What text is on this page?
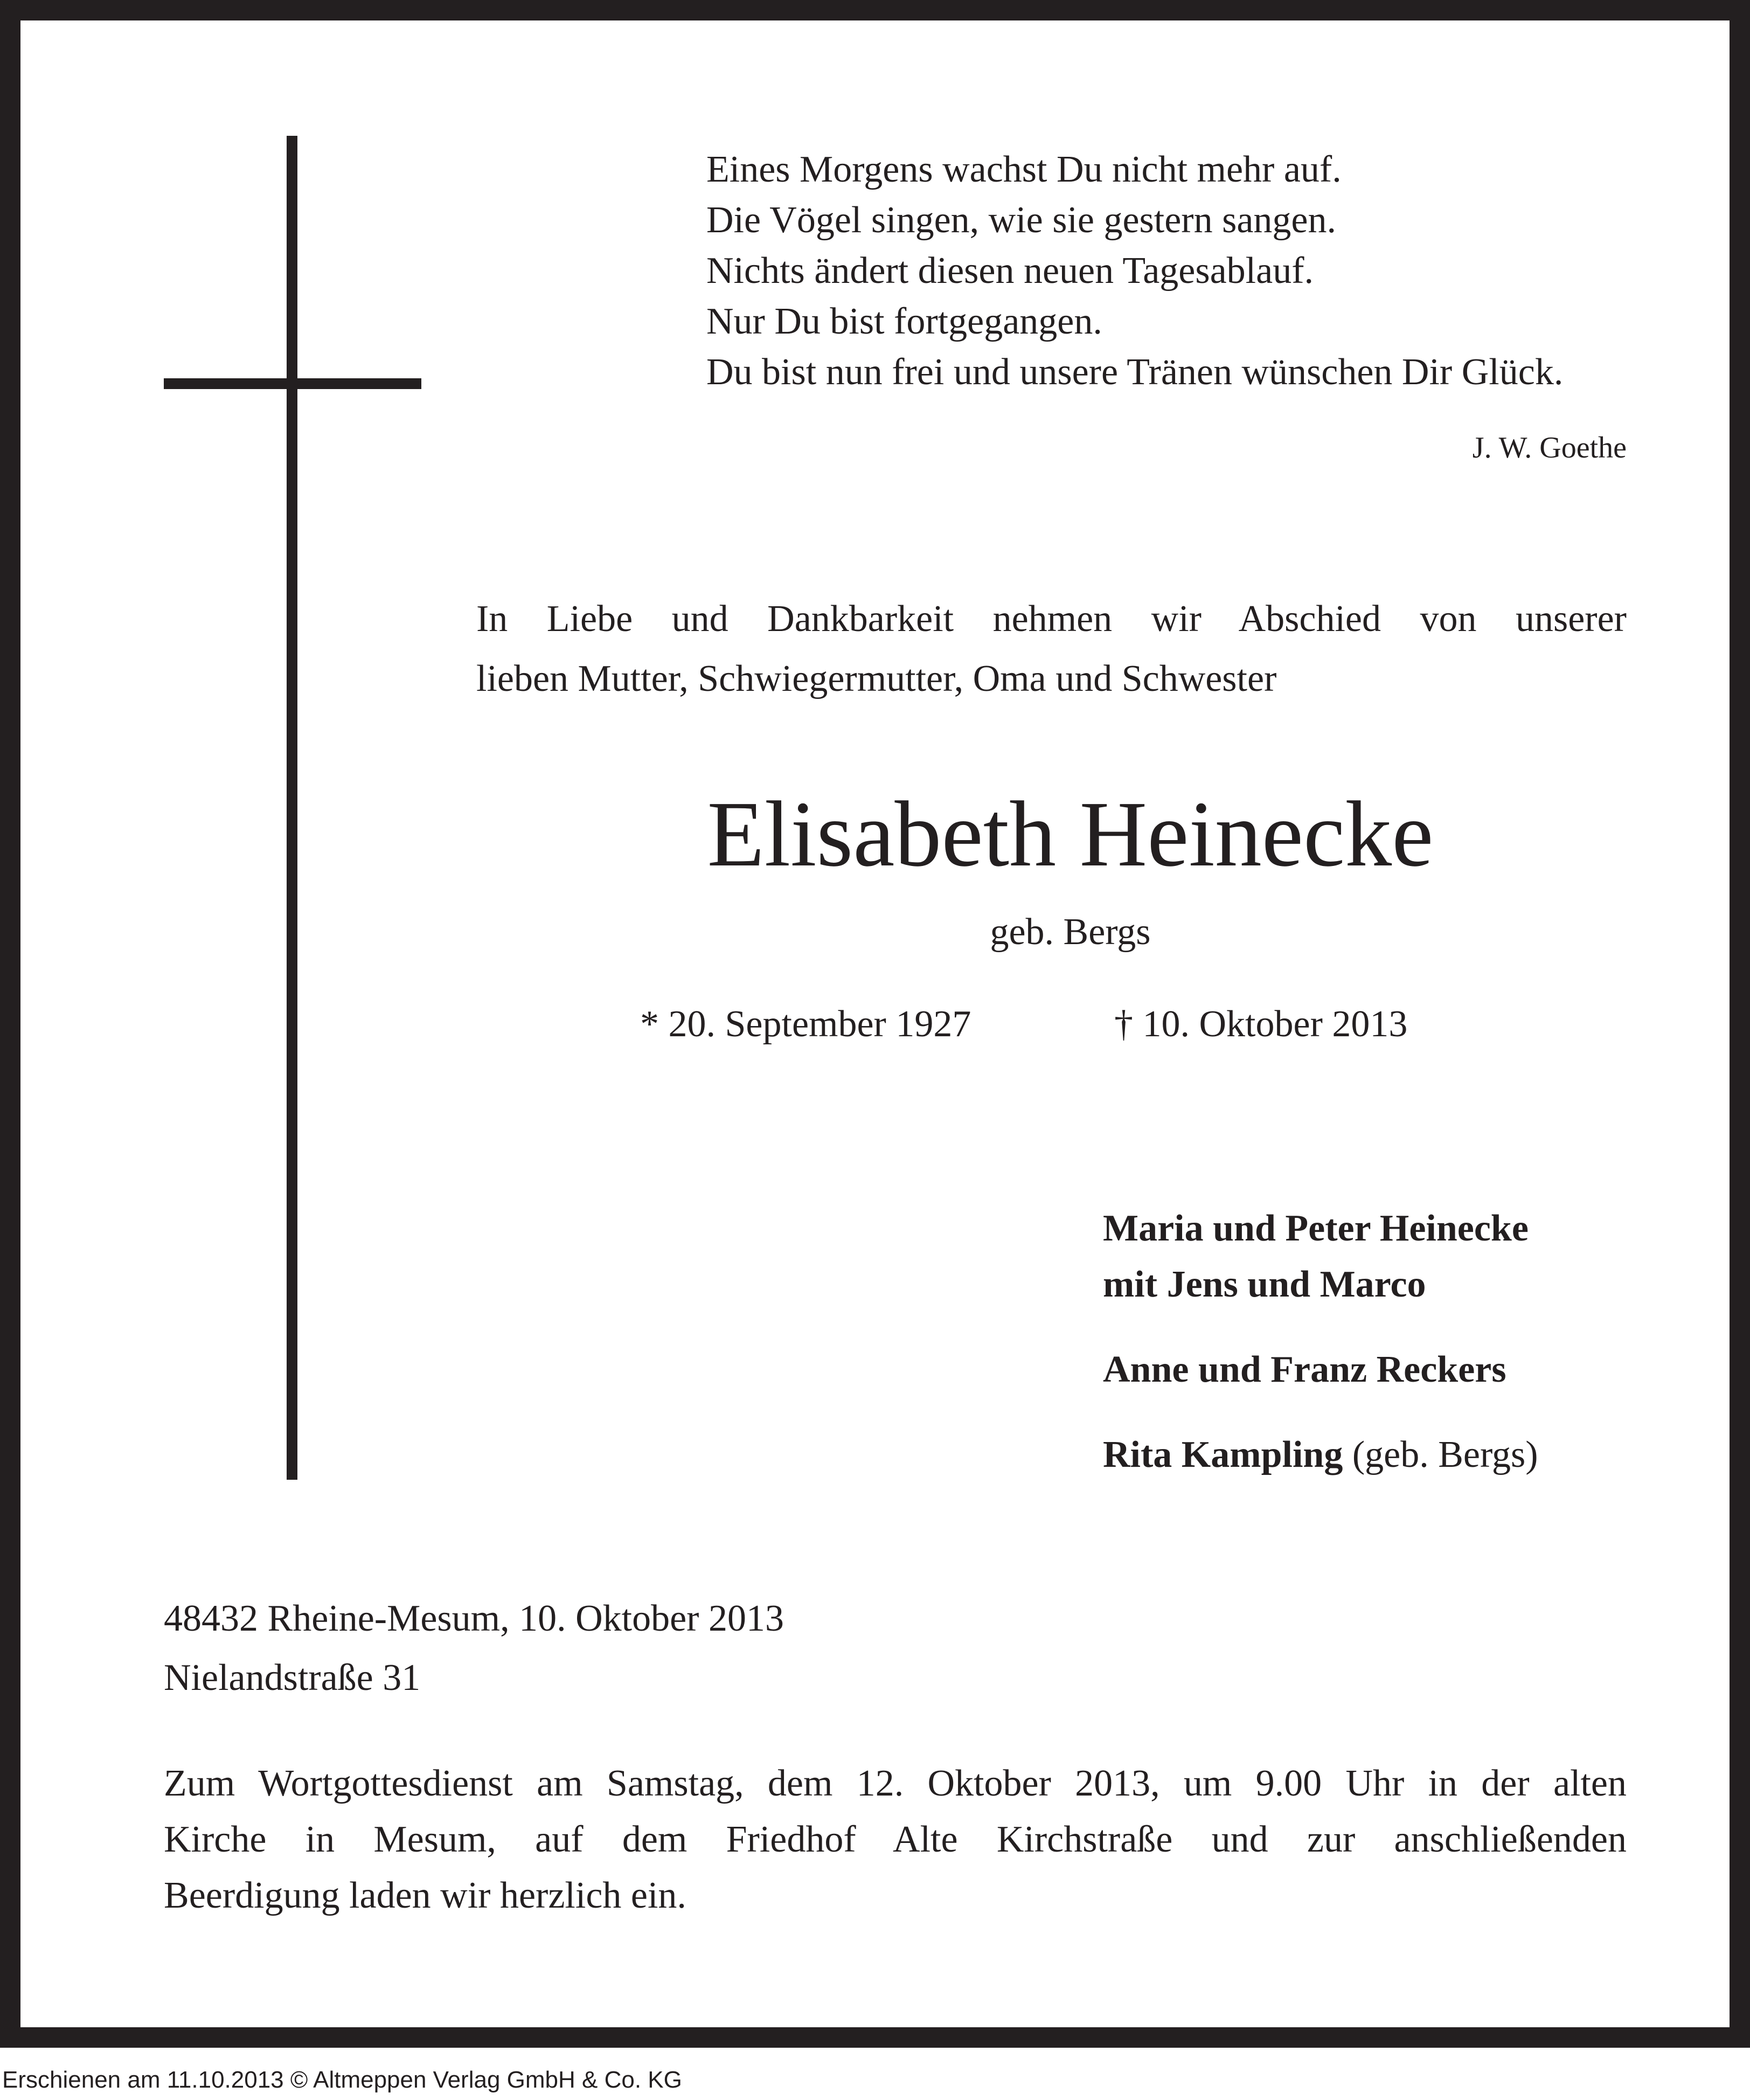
Eines Morgens wachst Du nicht mehr auf.
Die Vögel singen, wie sie gestern sangen.
Nichts ändert diesen neuen Tagesablauf.
Nur Du bist fortgegangen.
Du bist nun frei und unsere Tränen wünschen Dir Glück.
J. W. Goethe
In Liebe und Dankbarkeit nehmen wir Abschied von unserer
lieben Mutter, Schwiegermutter, Oma und Schwester
Elisabeth Heinecke
geb. Bergs
* 20. September 1927	† 10. Oktober 2013
Maria und Peter Heinecke
mit Jens und Marco
Anne und Franz Reckers
Rita Kampling (geb. Bergs)
48432 Rheine-Mesum, 10. Oktober 2013
Nielandstraße 31
Zum Wortgottesdienst am Samstag, dem 12. Oktober 2013, um 9.00 Uhr in der alten
Kirche in Mesum, auf dem Friedhof Alte Kirchstraße und zur anschließenden
Beerdigung laden wir herzlich ein.
Erschienen am 11.10.2013 © Altmeppen Verlag GmbH & Co. KG
